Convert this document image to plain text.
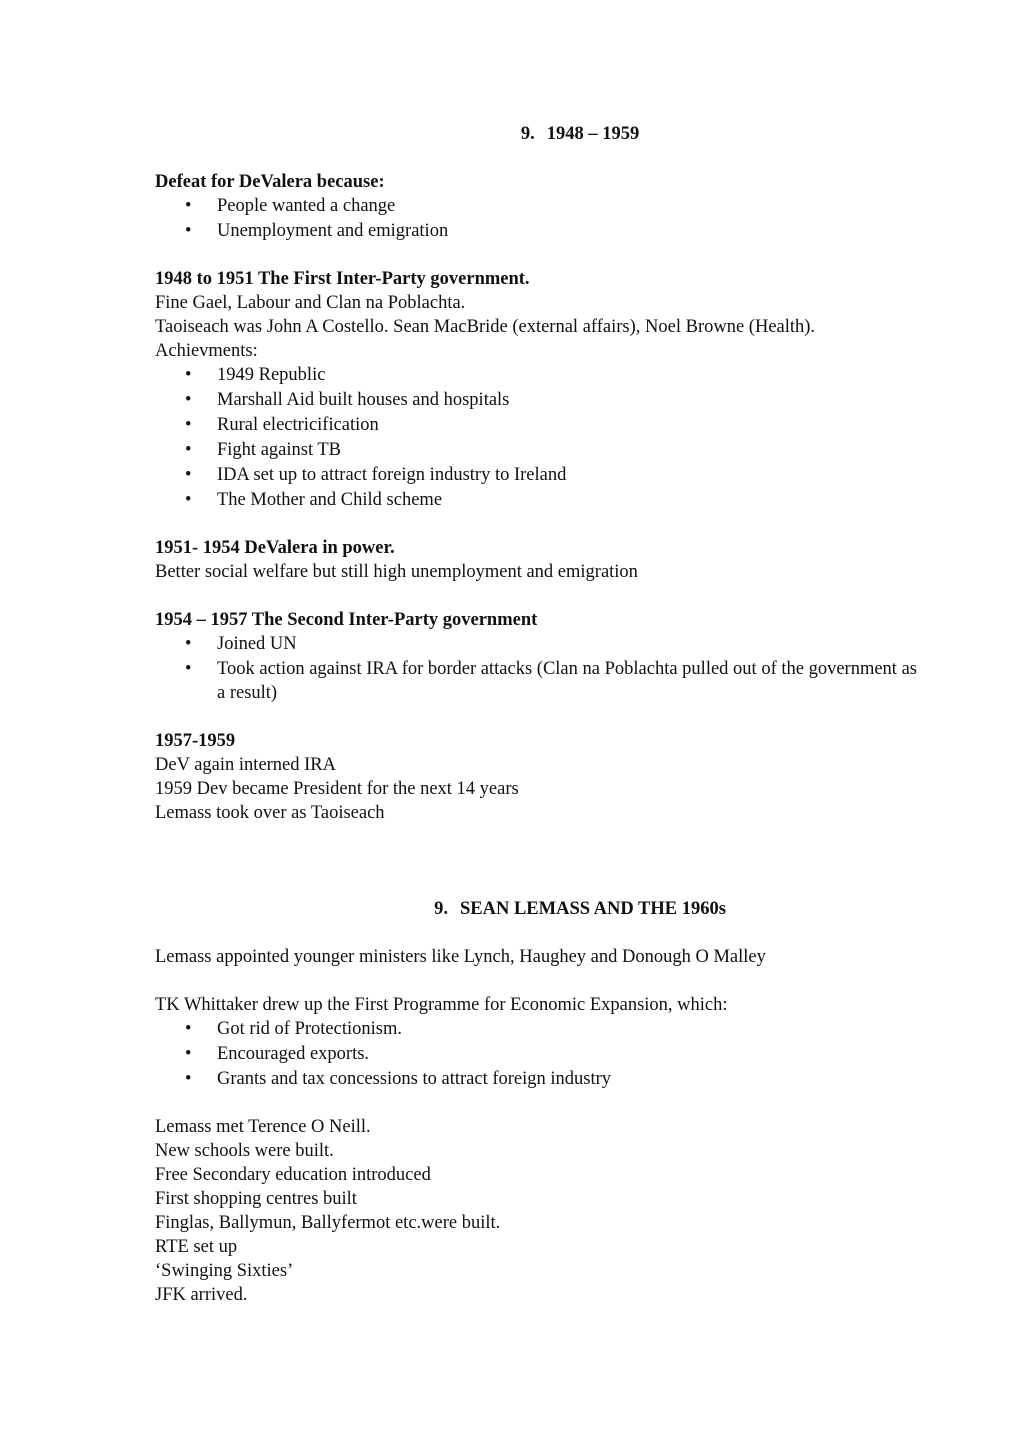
9. 1948 – 1959

Defeat for DeValera because:

• People wanted a change
• Unemployment and emigration

1948 to 1951 The First Inter-Party government.

Fine Gael, Labour and Clan na Poblachta.

Taoiseach was John A Costello. Sean MacBride (external affairs), Noel Browne (Health).

Achievments:

• 1949 Republic
• Marshall Aid built houses and hospitals
• Rural electricification
• Fight against TB
• IDA set up to attract foreign industry to Ireland
• The Mother and Child scheme

1951- 1954 DeValera in power.

Better social welfare but still high unemployment and emigration

1954 – 1957 The Second Inter-Party government

• Joined UN
• Took action against IRA for border attacks (Clan na Poblachta pulled out of the government as a result)

1957-1959

DeV again interned IRA

1959 Dev became President for the next 14 years

Lemass took over as Taoiseach

9. SEAN LEMASS AND THE 1960s

Lemass appointed younger ministers like Lynch, Haughey and Donough O Malley

TK Whittaker drew up the First Programme for Economic Expansion, which:

• Got rid of Protectionism.
• Encouraged exports.
• Grants and tax concessions to attract foreign industry

Lemass met Terence O Neill.

New schools were built.

Free Secondary education introduced

First shopping centres built

Finglas, Ballymun, Ballyfermot etc.were built.

RTE set up

‘Swinging Sixties’

JFK arrived.
